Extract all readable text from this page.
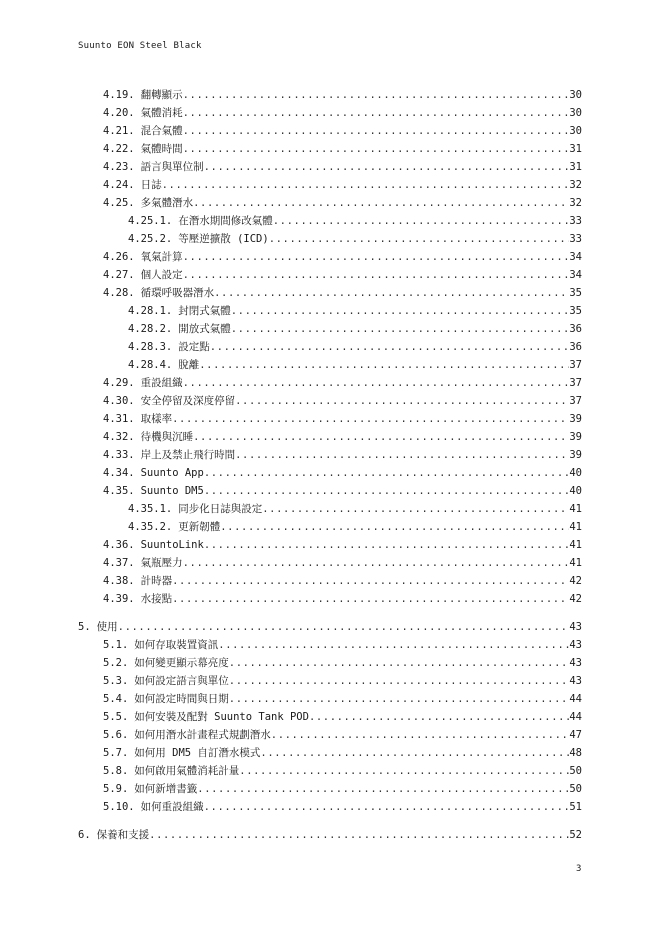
Suunto EON Steel Black
4.19. 翻轉顯示 .....	30
4.20. 氣體消耗 .....	30
4.21. 混合氣體 .....	30
4.22. 氣體時間 .....	31
4.23. 語言與單位制 .....	31
4.24. 日誌 .....	32
4.25. 多氣體潛水 .....	32
4.25.1. 在潛水期間修改氣體 .....	33
4.25.2. 等壓逆擴散 (ICD) .....	33
4.26. 氧氣計算 .....	34
4.27. 個人設定 .....	34
4.28. 循環呼吸器潛水 .....	35
4.28.1. 封閉式氣體 .....	35
4.28.2. 開放式氣體 .....	36
4.28.3. 設定點 .....	36
4.28.4. 脫離 .....	37
4.29. 重設組織 .....	37
4.30. 安全停留及深度停留 .....	37
4.31. 取樣率 .....	39
4.32. 待機與沉睡 .....	39
4.33. 岸上及禁止飛行時間 .....	39
4.34. Suunto App .....	40
4.35. Suunto DM5 .....	40
4.35.1. 同步化日誌與設定 .....	41
4.35.2. 更新韌體 .....	41
4.36. SuuntoLink .....	41
4.37. 氣瓶壓力 .....	41
4.38. 計時器 .....	42
4.39. 水接點 .....	42
5. 使用 .....	43
5.1. 如何存取裝置資訊 .....	43
5.2. 如何變更顯示幕亮度 .....	43
5.3. 如何設定語言與單位 .....	43
5.4. 如何設定時間與日期 .....	44
5.5. 如何安裝及配對 Suunto Tank POD .....	44
5.6. 如何用潛水計畫程式規劃潛水 .....	47
5.7. 如何用 DM5 自訂潛水模式 .....	48
5.8. 如何啟用氣體消耗計量 .....	50
5.9. 如何新增書籤 .....	50
5.10. 如何重設組織 .....	51
6. 保養和支援 .....	52
3
